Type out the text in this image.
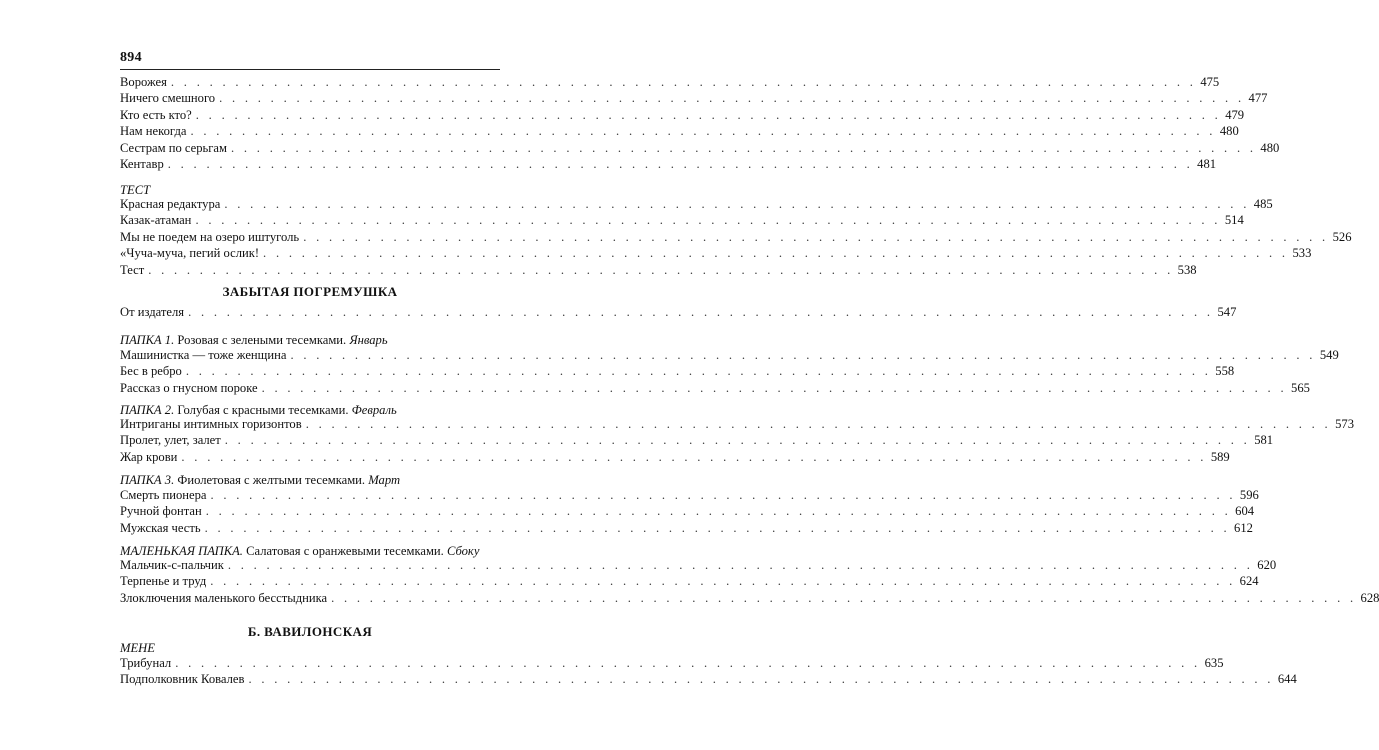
894
Ворожея . . . . . . . . . . . . . . . . . . . . . . . . . . . . . . . . . . . . . . . . . . . . . . . . . . . . . . . . . . . . . . . . . . . . . . . . . . . . . . . . 475
Ничего смешного . . . . . . . . . . . . . . . . . . . . . . . . . . . . . . . . . . . . . . . . . . . . . . . . . . . . . . . . . . . . . . . . . . . . . . . . . . . . . . . . 477
Кто есть кто? . . . . . . . . . . . . . . . . . . . . . . . . . . . . . . . . . . . . . . . . . . . . . . . . . . . . . . . . . . . . . . . . . . . . . . . . . . . . . . . . 479
Нам некогда . . . . . . . . . . . . . . . . . . . . . . . . . . . . . . . . . . . . . . . . . . . . . . . . . . . . . . . . . . . . . . . . . . . . . . . . . . . . . . . . 480
Сестрам по серьгам . . . . . . . . . . . . . . . . . . . . . . . . . . . . . . . . . . . . . . . . . . . . . . . . . . . . . . . . . . . . . . . . . . . . . . . . . . . . . . . . 480
Кентавр . . . . . . . . . . . . . . . . . . . . . . . . . . . . . . . . . . . . . . . . . . . . . . . . . . . . . . . . . . . . . . . . . . . . . . . . . . . . . . . . 481
ТЕСТ
Красная редактура . . . . . . . . . . . . . . . . . . . . . . . . . . . . . . . . . . . . . . . . . . . . . . . . . . . . . . . . . . . . . . . . . . . . . . . . . . . . . . . . 485
Казак-атаман . . . . . . . . . . . . . . . . . . . . . . . . . . . . . . . . . . . . . . . . . . . . . . . . . . . . . . . . . . . . . . . . . . . . . . . . . . . . . . . . 514
Мы не поедем на озеро иштуголь . . . . . . . . . . . . . . . . . . . . . . . . . . . . . . . . . . . . . . . . . . . . . . . . . . . . . . . . . . . . . . . . . . . . . . . . . . . . . . . . 526
«Чуча-муча, пегий ослик! . . . . . . . . . . . . . . . . . . . . . . . . . . . . . . . . . . . . . . . . . . . . . . . . . . . . . . . . . . . . . . . . . . . . . . . . . . . . . . . . 533
Тест . . . . . . . . . . . . . . . . . . . . . . . . . . . . . . . . . . . . . . . . . . . . . . . . . . . . . . . . . . . . . . . . . . . . . . . . . . . . . . . . 538
ЗАБЫТАЯ ПОГРЕМУШКА
От издателя . . . . . . . . . . . . . . . . . . . . . . . . . . . . . . . . . . . . . . . . . . . . . . . . . . . . . . . . . . . . . . . . . . . . . . . . . . . . . . . . 547
ПАПКА 1. Розовая с зелеными тесемками. Январь
Машинистка — тоже женщина . . . . . . . . . . . . . . . . . . . . . . . . . . . . . . . . . . . . . . . . . . . . . . . . . . . . . . . . . . . . . . . . . . . . . . . . . . . . . . . . 549
Бес в ребро . . . . . . . . . . . . . . . . . . . . . . . . . . . . . . . . . . . . . . . . . . . . . . . . . . . . . . . . . . . . . . . . . . . . . . . . . . . . . . . . 558
Рассказ о гнусном пороке . . . . . . . . . . . . . . . . . . . . . . . . . . . . . . . . . . . . . . . . . . . . . . . . . . . . . . . . . . . . . . . . . . . . . . . . . . . . . . . . 565
ПАПКА 2. Голубая с красными тесемками. Февраль
Интриганы интимных горизонтов . . . . . . . . . . . . . . . . . . . . . . . . . . . . . . . . . . . . . . . . . . . . . . . . . . . . . . . . . . . . . . . . . . . . . . . . . . . . . . . . 573
Пролет, улет, залет . . . . . . . . . . . . . . . . . . . . . . . . . . . . . . . . . . . . . . . . . . . . . . . . . . . . . . . . . . . . . . . . . . . . . . . . . . . . . . . . 581
Жар крови . . . . . . . . . . . . . . . . . . . . . . . . . . . . . . . . . . . . . . . . . . . . . . . . . . . . . . . . . . . . . . . . . . . . . . . . . . . . . . . . 589
ПАПКА 3. Фиолетовая с желтыми тесемками. Март
Смерть пионера . . . . . . . . . . . . . . . . . . . . . . . . . . . . . . . . . . . . . . . . . . . . . . . . . . . . . . . . . . . . . . . . . . . . . . . . . . . . . . . . 596
Ручной фонтан . . . . . . . . . . . . . . . . . . . . . . . . . . . . . . . . . . . . . . . . . . . . . . . . . . . . . . . . . . . . . . . . . . . . . . . . . . . . . . . . 604
Мужская честь . . . . . . . . . . . . . . . . . . . . . . . . . . . . . . . . . . . . . . . . . . . . . . . . . . . . . . . . . . . . . . . . . . . . . . . . . . . . . . . . 612
МАЛЕНЬКАЯ ПАПКА. Салатовая с оранжевыми тесемками. Сбоку
Мальчик-с-пальчик . . . . . . . . . . . . . . . . . . . . . . . . . . . . . . . . . . . . . . . . . . . . . . . . . . . . . . . . . . . . . . . . . . . . . . . . . . . . . . . . 620
Терпенье и труд . . . . . . . . . . . . . . . . . . . . . . . . . . . . . . . . . . . . . . . . . . . . . . . . . . . . . . . . . . . . . . . . . . . . . . . . . . . . . . . . 624
Злоключения маленького бесстыдника . . . . . . . . . . . . . . . . . . . . . . . . . . . . . . . . . . . . . . . . . . . . . . . . . . . . . . . . . . . . . . . . . . . . . . . . . . . . . . . . 628
Б. ВАВИЛОНСКАЯ
МЕНЕ
Трибунал . . . . . . . . . . . . . . . . . . . . . . . . . . . . . . . . . . . . . . . . . . . . . . . . . . . . . . . . . . . . . . . . . . . . . . . . . . . . . . . . 635
Подполковник Ковалев . . . . . . . . . . . . . . . . . . . . . . . . . . . . . . . . . . . . . . . . . . . . . . . . . . . . . . . . . . . . . . . . . . . . . . . . . . . . . . . . 644
